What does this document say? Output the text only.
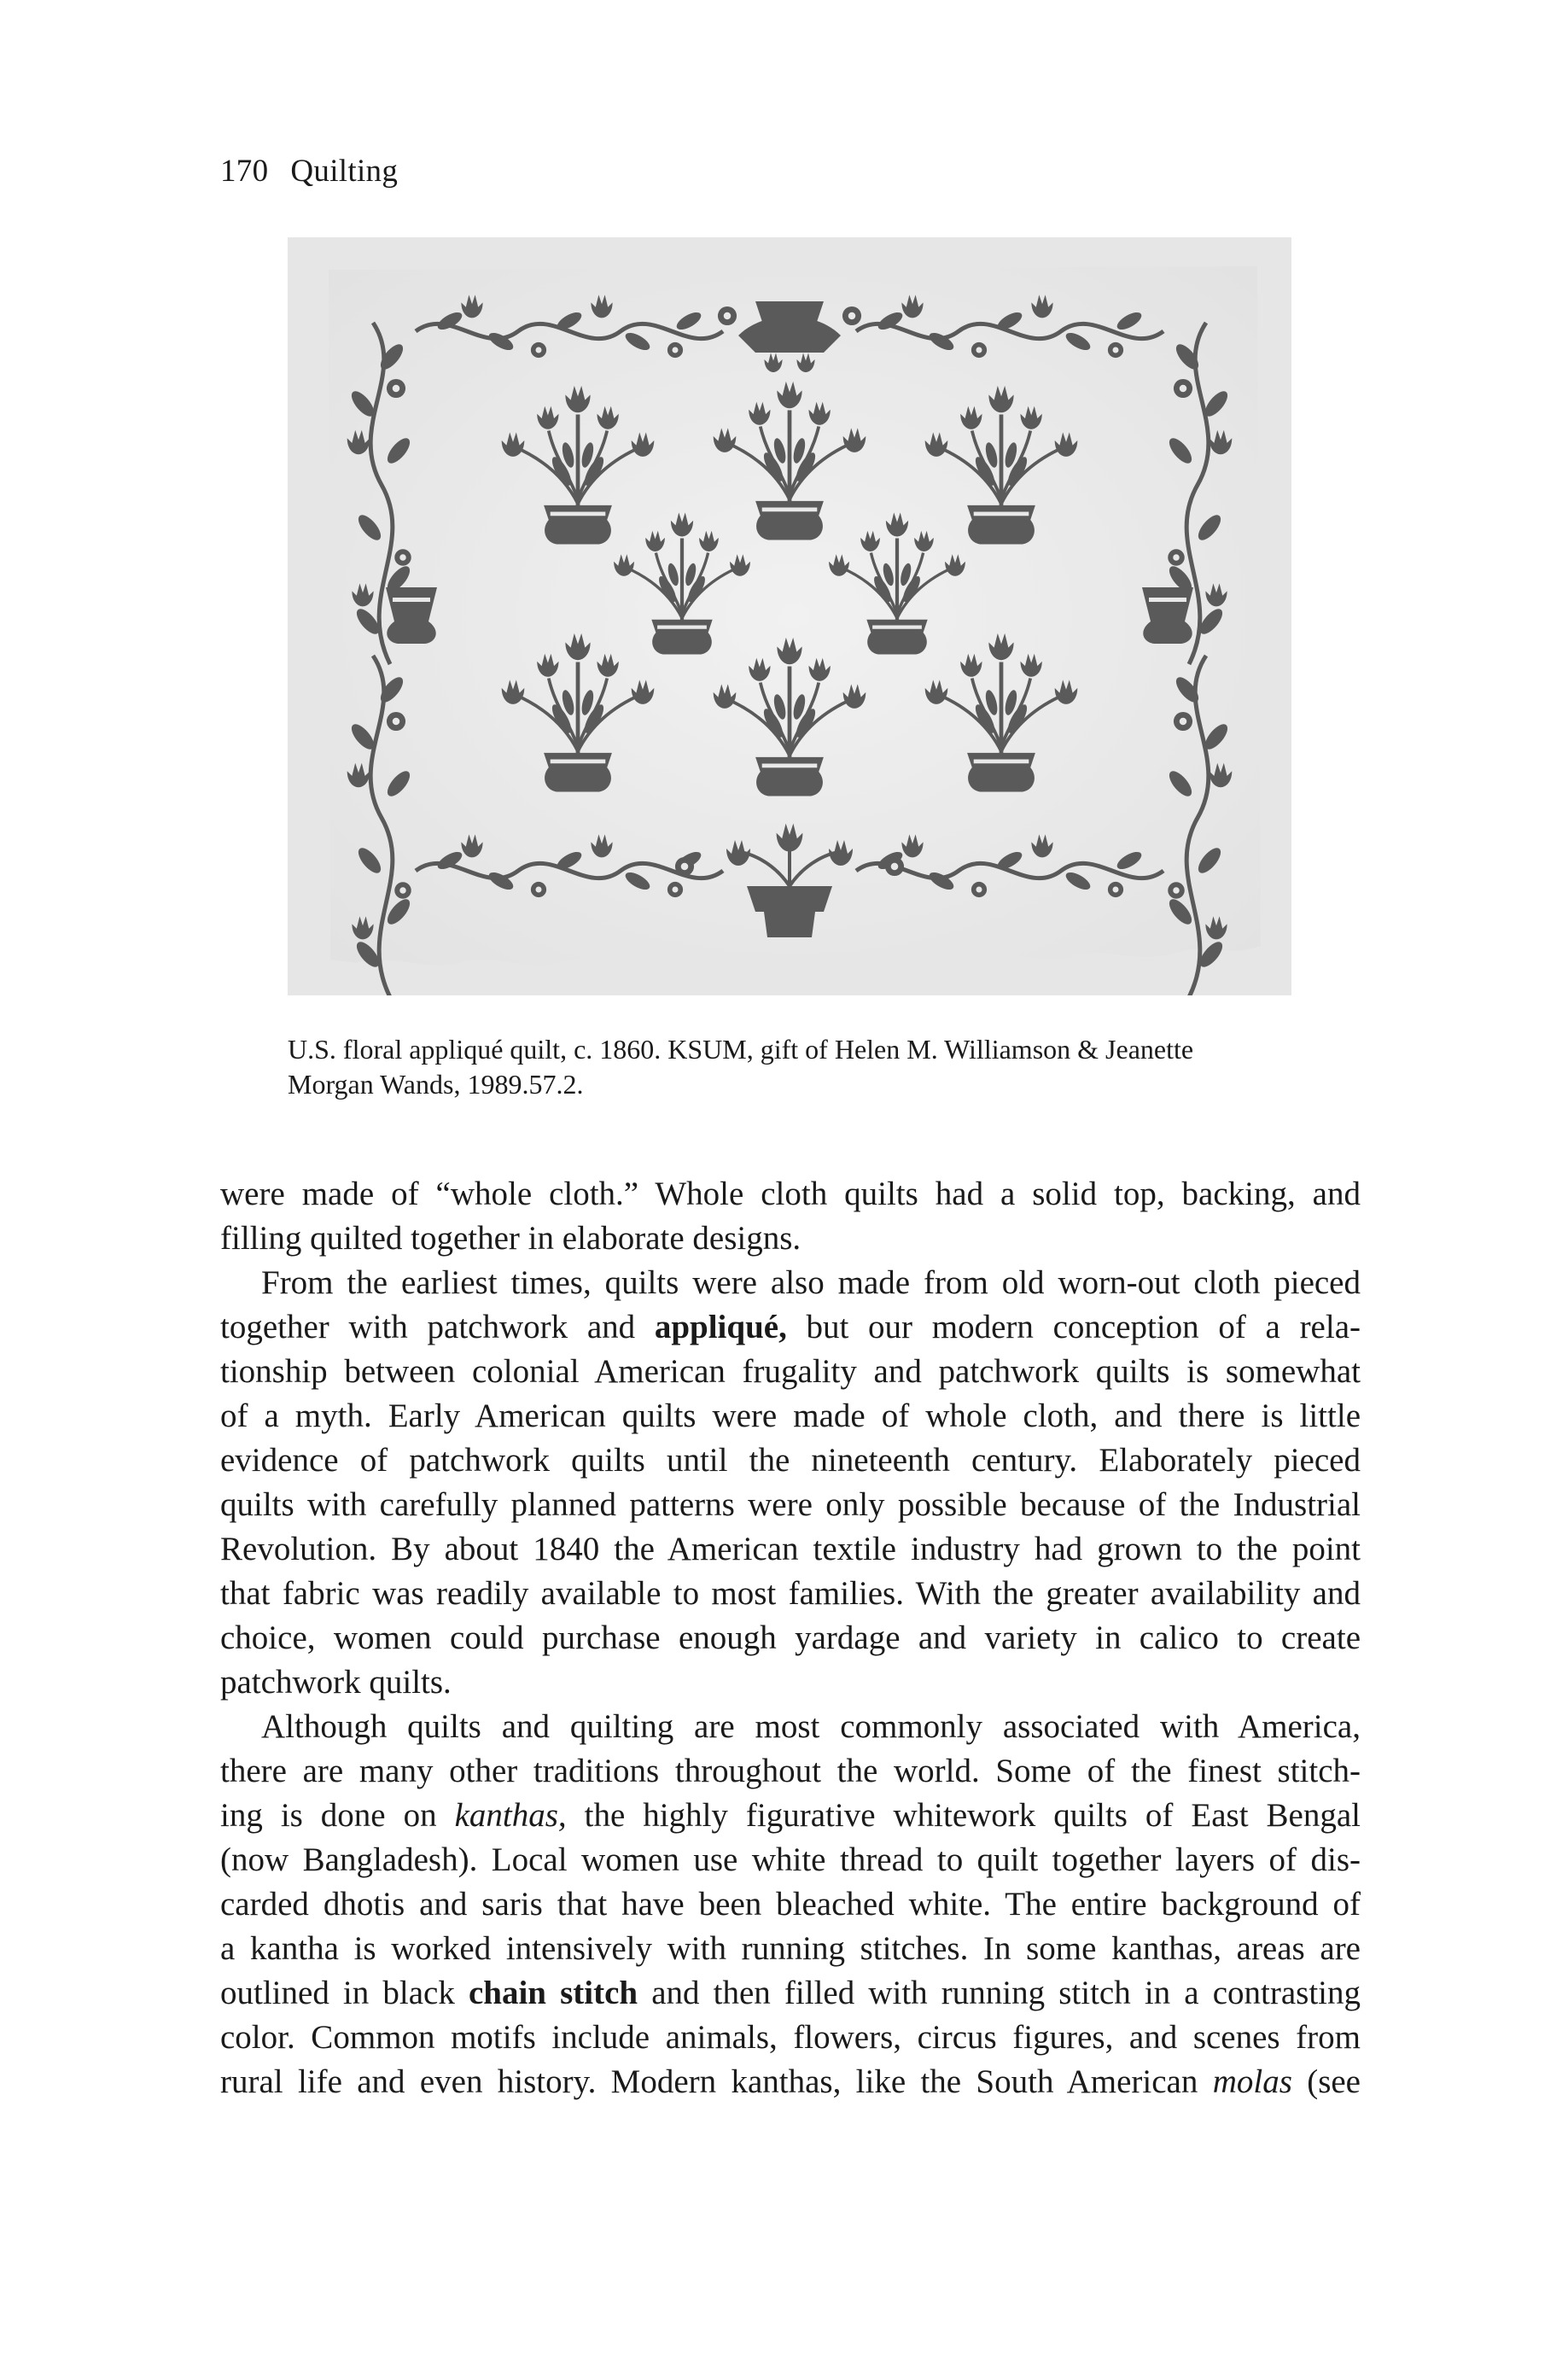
170 Quilting
U.S. floral appliqué quilt, c. 1860. KSUM, gift of Helen M. Williamson & Jeanette
Morgan Wands, 1989.57.2.

were made of “whole cloth.” Whole cloth quilts had a solid top, backing, and

filling quilted together in elaborate designs.

From the earliest times, quilts were also made from old worn-out cloth pieced

together with patchwork and appliqué, but our modern conception of a rela-

tionship between colonial American frugality and patchwork quilts is somewhat

of a myth. Early American quilts were made of whole cloth, and there is little

evidence of patchwork quilts until the nineteenth century. Elaborately pieced

quilts with carefully planned patterns were only possible because of the Industrial

Revolution. By about 1840 the American textile industry had grown to the point

that fabric was readily available to most families. With the greater availability and

choice, women could purchase enough yardage and variety in calico to create

patchwork quilts.

Although quilts and quilting are most commonly associated with America,

there are many other traditions throughout the world. Some of the finest stitch-

ing is done on kanthas, the highly figurative whitework quilts of East Bengal

(now Bangladesh). Local women use white thread to quilt together layers of dis-

carded dhotis and saris that have been bleached white. The entire background of

a kantha is worked intensively with running stitches. In some kanthas, areas are

outlined in black chain stitch and then filled with running stitch in a contrasting

color. Common motifs include animals, flowers, circus figures, and scenes from

rural life and even history. Modern kanthas, like the South American molas (see
